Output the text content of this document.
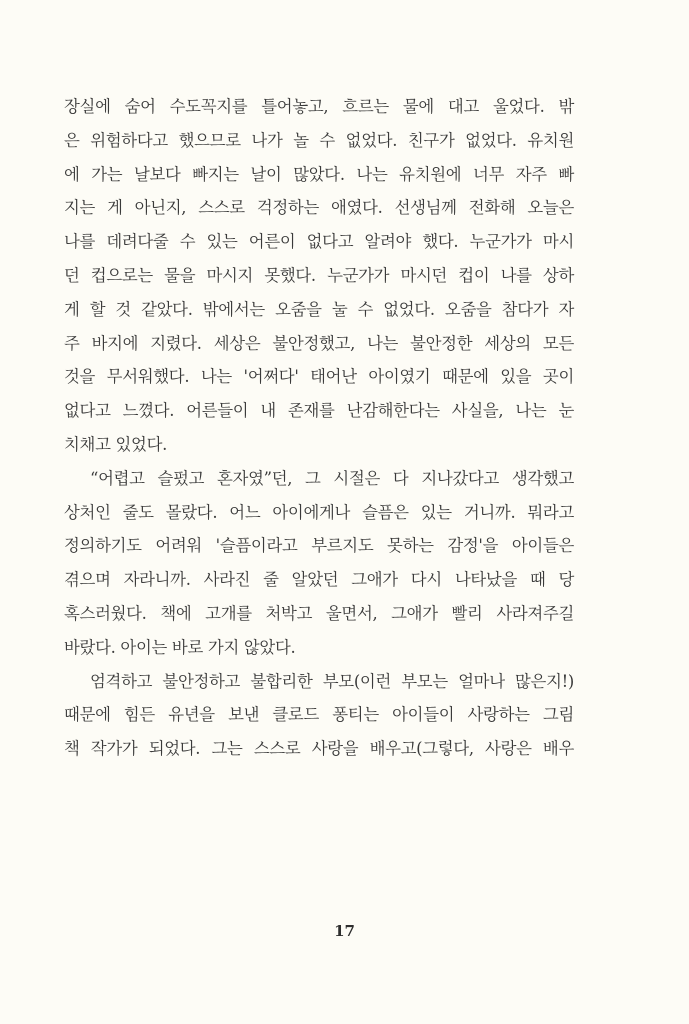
장실에 숨어 수도꼭지를 틀어놓고, 흐르는 물에 대고 울었다. 밖
은 위험하다고 했으므로 나가 놀 수 없었다. 친구가 없었다. 유치원
에 가는 날보다 빠지는 날이 많았다. 나는 유치원에 너무 자주 빠
지는 게 아닌지, 스스로 걱정하는 애였다. 선생님께 전화해 오늘은
나를 데려다줄 수 있는 어른이 없다고 알려야 했다. 누군가가 마시
던 컵으로는 물을 마시지 못했다. 누군가가 마시던 컵이 나를 상하
게 할 것 같았다. 밖에서는 오줌을 눌 수 없었다. 오줌을 참다가 자
주 바지에 지렸다. 세상은 불안정했고, 나는 불안정한 세상의 모든
것을 무서워했다. 나는 '어쩌다' 태어난 아이였기 때문에 있을 곳이
없다고 느꼈다. 어른들이 내 존재를 난감해한다는 사실을, 나는 눈
치채고 있었다.
“어렵고 슬펐고 혼자였”던, 그 시절은 다 지나갔다고 생각했고
상처인 줄도 몰랐다. 어느 아이에게나 슬픔은 있는 거니까. 뭐라고
정의하기도 어려워 '슬픔이라고 부르지도 못하는 감정'을 아이들은
겪으며 자라니까. 사라진 줄 알았던 그애가 다시 나타났을 때 당
혹스러웠다. 책에 고개를 처박고 울면서, 그애가 빨리 사라져주길
바랐다. 아이는 바로 가지 않았다.
엄격하고 불안정하고 불합리한 부모(이런 부모는 얼마나 많은지!)
때문에 힘든 유년을 보낸 클로드 퐁티는 아이들이 사랑하는 그림
책 작가가 되었다. 그는 스스로 사랑을 배우고(그렇다, 사랑은 배우
17
